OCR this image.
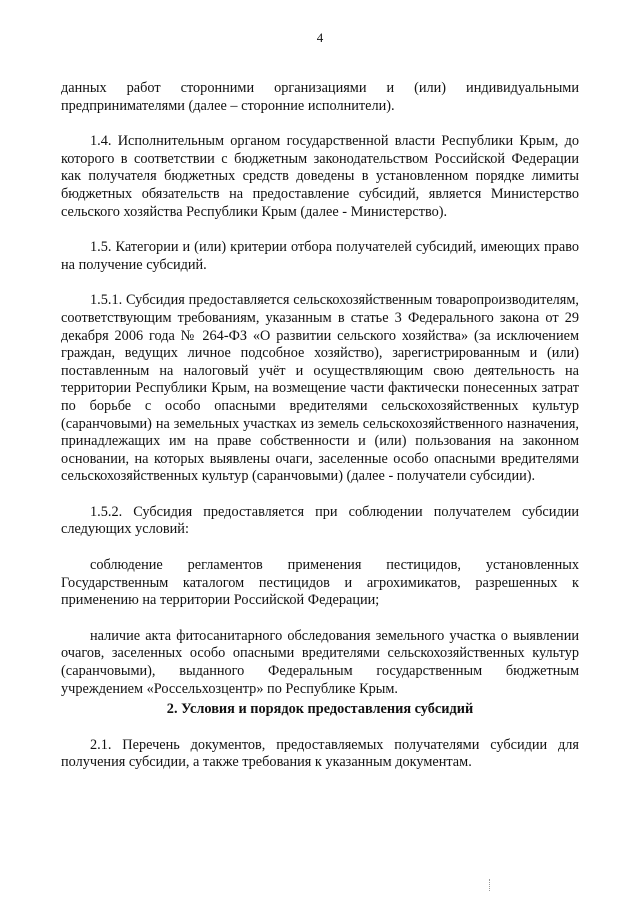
4

данных работ сторонними организациями и (или) индивидуальными предпринимателями (далее – сторонние исполнители).

1.4. Исполнительным органом государственной власти Республики Крым, до которого в соответствии с бюджетным законодательством Российской Федерации как получателя бюджетных средств доведены в установленном порядке лимиты бюджетных обязательств на предоставление субсидий, является Министерство сельского хозяйства Республики Крым (далее - Министерство).

1.5. Категории и (или) критерии отбора получателей субсидий, имеющих право на получение субсидий.

1.5.1. Субсидия предоставляется сельскохозяйственным товаропроизводителям, соответствующим требованиям, указанным в статье 3 Федерального закона от 29 декабря 2006 года № 264-ФЗ «О развитии сельского хозяйства» (за исключением граждан, ведущих личное подсобное хозяйство), зарегистрированным и (или) поставленным на налоговый учёт и осуществляющим свою деятельность на территории Республики Крым, на возмещение части фактически понесенных затрат по борьбе с особо опасными вредителями сельскохозяйственных культур (саранчовыми) на земельных участках из земель сельскохозяйственного назначения, принадлежащих им на праве собственности и (или) пользования на законном основании, на которых выявлены очаги, заселенные особо опасными вредителями сельскохозяйственных культур (саранчовыми) (далее - получатели субсидии).

1.5.2. Субсидия предоставляется при соблюдении получателем субсидии следующих условий:

соблюдение регламентов применения пестицидов, установленных Государственным каталогом пестицидов и агрохимикатов, разрешенных к применению на территории Российской Федерации;

наличие акта фитосанитарного обследования земельного участка о выявлении очагов, заселенных особо опасными вредителями сельскохозяйственных культур (саранчовыми), выданного Федеральным государственным бюджетным учреждением «Россельхозцентр» по Республике Крым.

2. Условия и порядок предоставления субсидий

2.1. Перечень документов, предоставляемых получателями субсидии для получения субсидии, а также требования к указанным документам.
